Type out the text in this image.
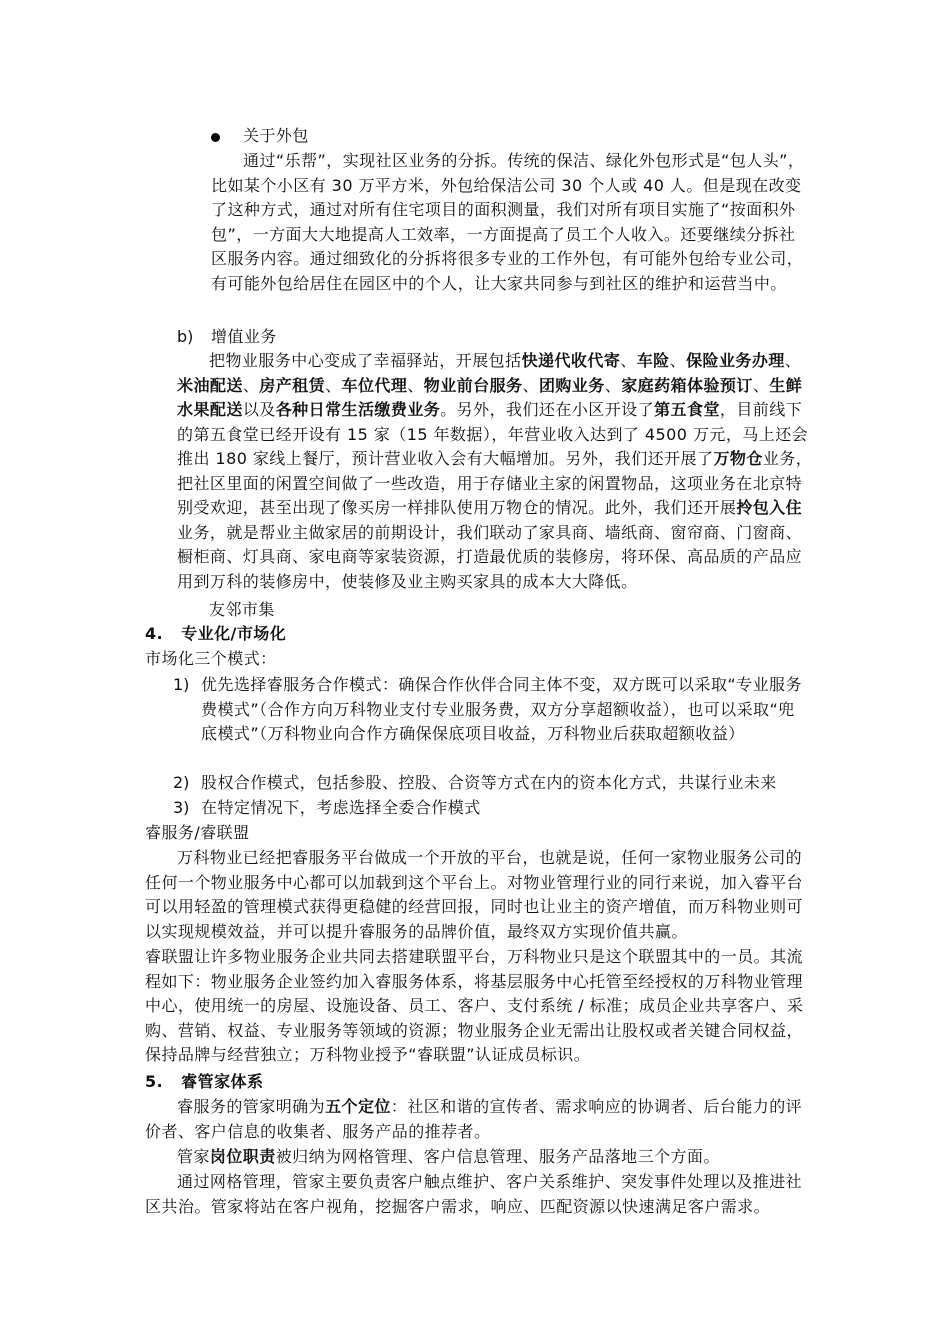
关于外包

通过“乐帮”，实现社区业务的分拆。传统的保洁、绿化外包形式是“包人头”，比如某个小区有 30 万平方米，外包给保洁公司 30 个人或 40 人。但是现在改变了这种方式，通过对所有住宅项目的面积测量，我们对所有项目实施了“按面积外包”，一方面大大地提高人工效率，一方面提高了员工个人收入。还要继续分拆社区服务内容。通过细致化的分拆将很多专业的工作外包，有可能外包给专业公司，有可能外包给居住在园区中的个人，让大家共同参与到社区的维护和运营当中。

b) 增值业务

把物业服务中心变成了幸福驿站，开展包括快递代收代寄、车险、保险业务办理、米油配送、房产租赁、车位代理、物业前台服务、团购业务、家庭药箱体验预订、生鲜水果配送以及各种日常生活缴费业务。另外，我们还在小区开设了第五食堂，目前线下的第五食堂已经开设有 15 家（15 年数据），年营业收入达到了 4500 万元，马上还会推出 180 家线上餐厅，预计营业收入会有大幅增加。另外，我们还开展了万物仓业务，把社区里面的闲置空间做了一些改造，用于存储业主家的闲置物品，这项业务在北京特别受欢迎，甚至出现了像买房一样排队使用万物仓的情况。此外，我们还开展拎包入住业务，就是帮业主做家居的前期设计，我们联动了家具商、墙纸商、窗帘商、门窗商、橱柜商、灯具商、家电商等家装资源，打造最优质的装修房，将环保、高品质的产品应用到万科的装修房中，使装修及业主购买家具的成本大大降低。

友邻市集
4.   专业化/市场化
市场化三个模式：
1) 优先选择睿服务合作模式：确保合作伙伴合同主体不变，双方既可以采取“专业服务费模式”（合作方向万科物业支付专业服务费，双方分享超额收益），也可以采取“兜底模式”（万科物业向合作方确保保底项目收益，万科物业后获取超额收益）

2) 股权合作模式，包括参股、控股、合资等方式在内的资本化方式，共谋行业未来

3) 在特定情况下，考虑选择全委合作模式

睿服务/睿联盟

万科物业已经把睿服务平台做成一个开放的平台，也就是说，任何一家物业服务公司的任何一个物业服务中心都可以加载到这个平台上。对物业管理行业的同行来说，加入睿平台可以用轻盈的管理模式获得更稳健的经营回报，同时也让业主的资产增值，而万科物业则可以实现规模效益，并可以提升睿服务的品牌价值，最终双方实现价值共赢。

睿联盟让许多物业服务企业共同去搭建联盟平台，万科物业只是这个联盟其中的一员。其流程如下：物业服务企业签约加入睿服务体系，将基层服务中心托管至经授权的万科物业管理中心，使用统一的房屋、设施设备、员工、客户、支付系统 / 标准；成员企业共享客户、采购、营销、权益、专业服务等领域的资源；物业服务企业无需出让股权或者关键合同权益，保持品牌与经营独立；万科物业授予“睿联盟”认证成员标识。

5.   睿管家体系

睿服务的管家明确为五个定位：社区和谐的宣传者、需求响应的协调者、后台能力的评价者、客户信息的收集者、服务产品的推荐者。

管家岗位职责被归纳为网格管理、客户信息管理、服务产品落地三个方面。

通过网格管理，管家主要负责客户触点维护、客户关系维护、突发事件处理以及推进社区共治。管家将站在客户视角，挖掘客户需求，响应、匹配资源以快速满足客户需求。
